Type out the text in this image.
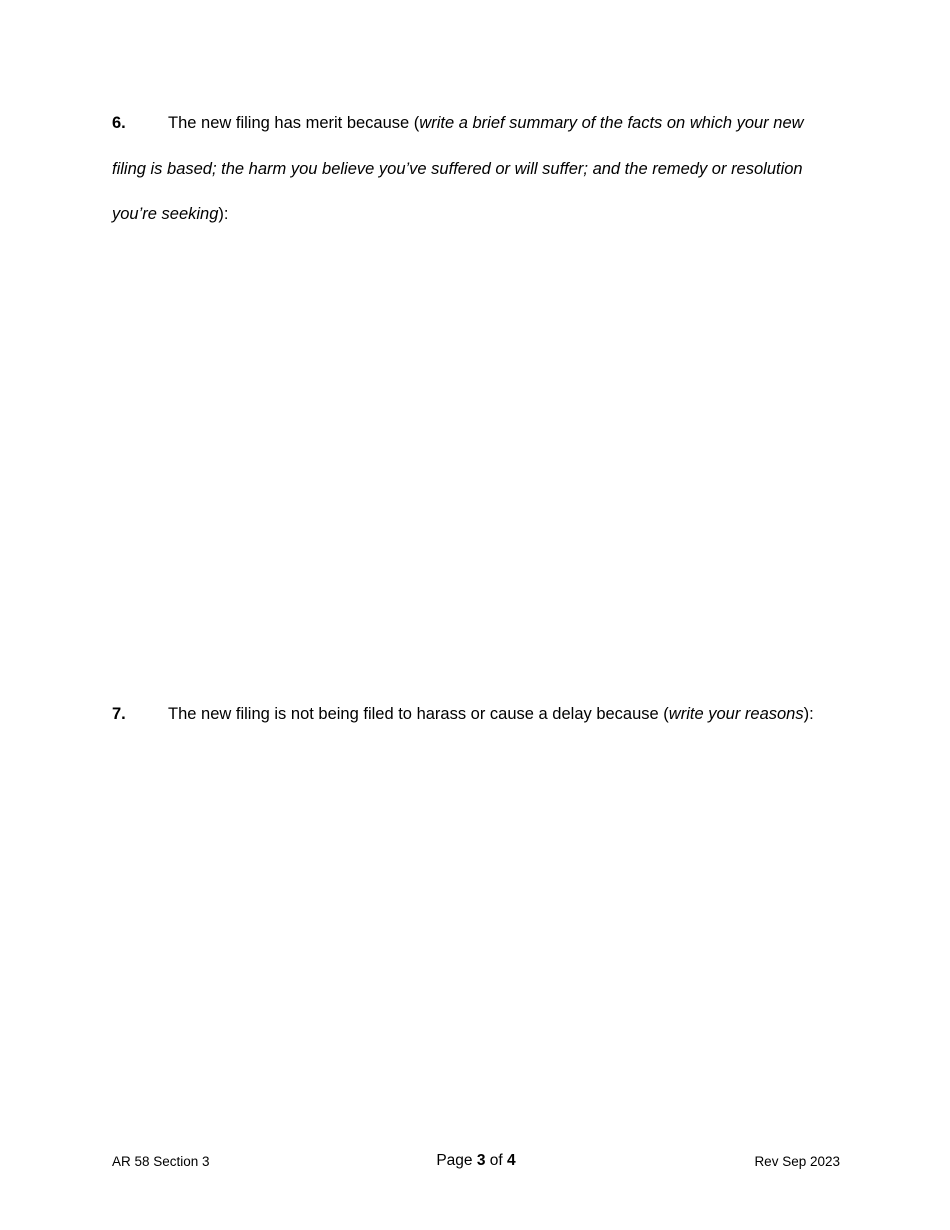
6.	The new filing has merit because (write a brief summary of the facts on which your new filing is based; the harm you believe you’ve suffered or will suffer; and the remedy or resolution you’re seeking):
7.	The new filing is not being filed to harass or cause a delay because (write your reasons):
AR 58 Section 3	Page 3 of 4	Rev Sep 2023
